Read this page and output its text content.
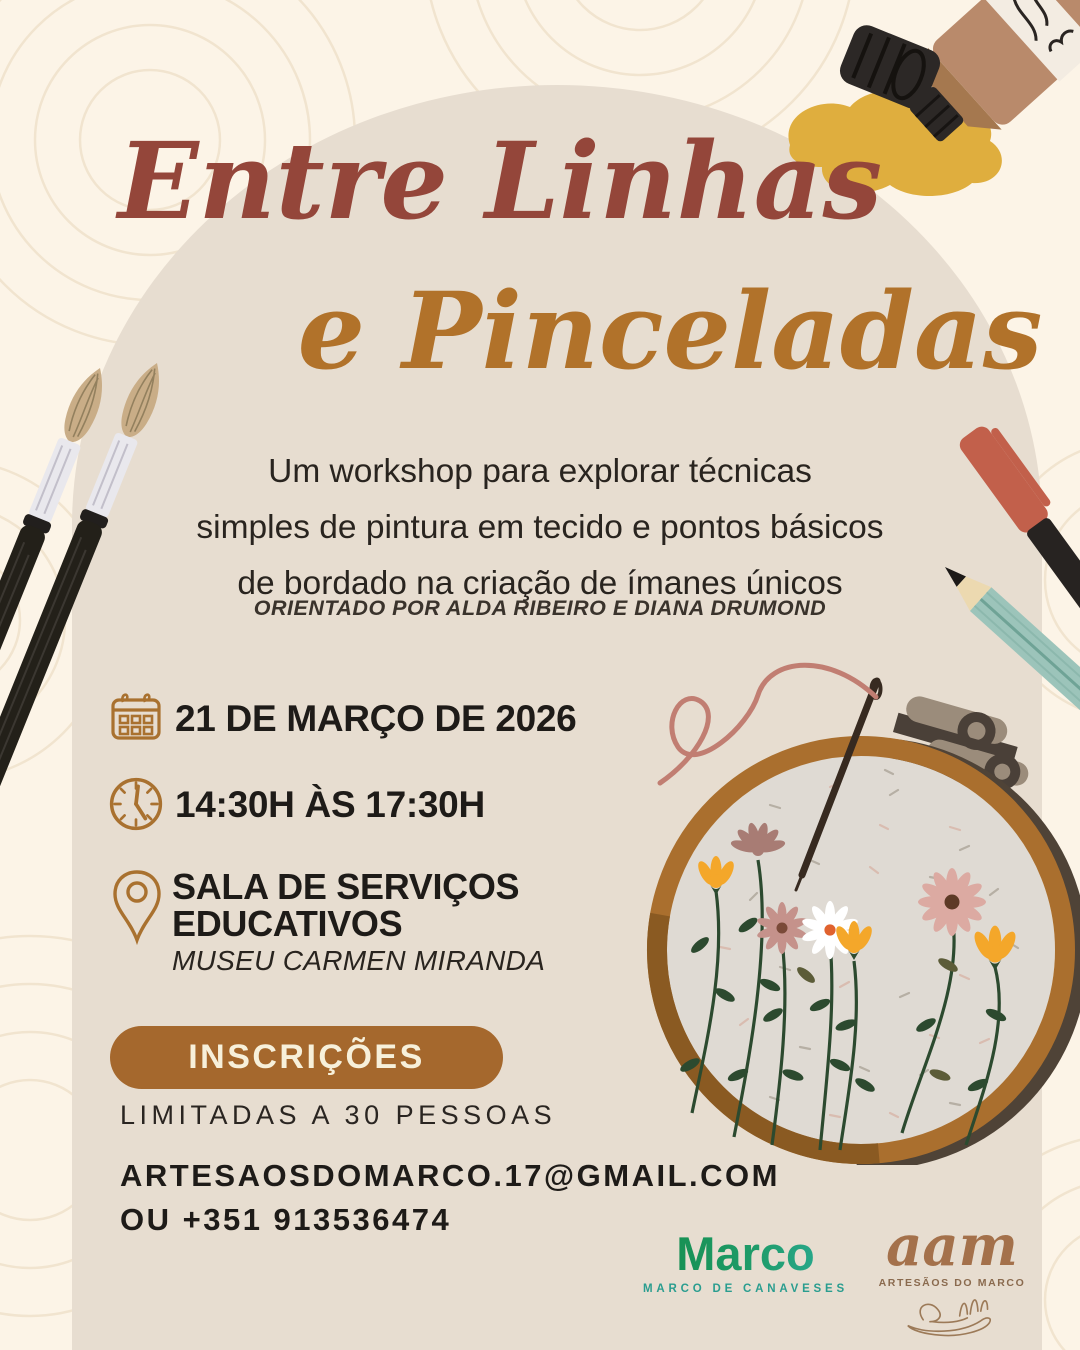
Entre Linhas
e Pinceladas
Um workshop para explorar técnicas
simples de pintura em tecido e pontos básicos
de bordado na criação de ímanes únicos
ORIENTADO POR ALDA RIBEIRO E DIANA DRUMOND
21 DE MARÇO DE 2026
14:30H ÀS 17:30H
SALA DE SERVIÇOS
EDUCATIVOS
MUSEU CARMEN MIRANDA
INSCRIÇÕES
LIMITADAS A 30 PESSOAS
ARTESAOSDOMARCO.17@GMAIL.COM
OU +351 913536474
Marco
MARCO DE CANAVESES
aam
ARTESÃOS DO MARCO
